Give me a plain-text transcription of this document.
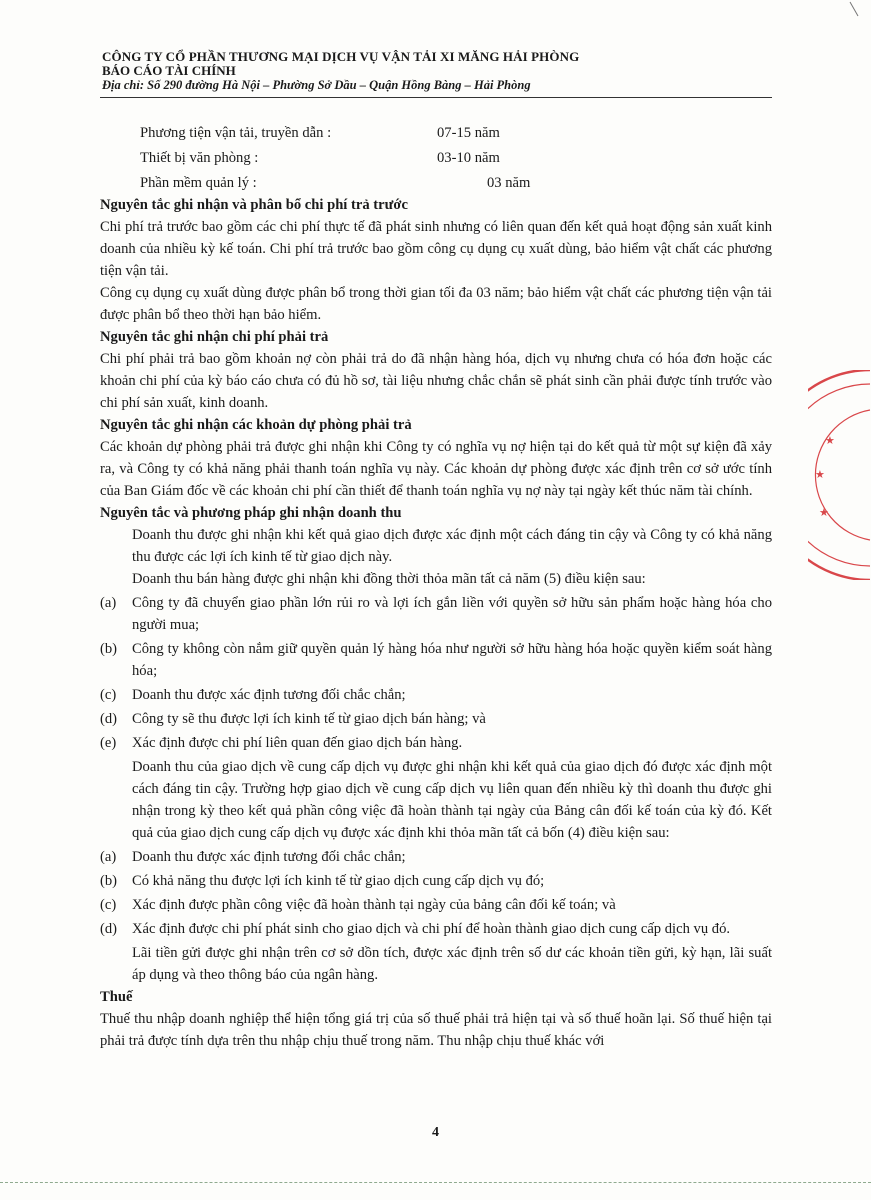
CÔNG TY CỔ PHẦN THƯƠNG MẠI DỊCH VỤ VẬN TẢI XI MĂNG HẢI PHÒNG
BÁO CÁO TÀI CHÍNH
Địa chỉ: Số 290 đường Hà Nội – Phường Sở Dầu – Quận Hồng Bàng – Hải Phòng
Phương tiện vận tải, truyền dẫn :	07-15 năm
Thiết bị văn phòng :	03-10 năm
Phần mềm quản lý :	03 năm
Nguyên tắc ghi nhận và phân bổ chi phí trả trước

Chi phí trả trước bao gồm các chi phí thực tế đã phát sinh nhưng có liên quan đến kết quả hoạt động sản xuất kinh doanh của nhiều kỳ kế toán. Chi phí trả trước bao gồm công cụ dụng cụ xuất dùng, bảo hiểm vật chất các phương tiện vận tải.

Công cụ dụng cụ xuất dùng được phân bổ trong thời gian tối đa 03 năm; bảo hiểm vật chất các phương tiện vận tải được phân bổ theo thời hạn bảo hiểm.

Nguyên tắc ghi nhận chi phí phải trả

Chi phí phải trả bao gồm khoản nợ còn phải trả do đã nhận hàng hóa, dịch vụ nhưng chưa có hóa đơn hoặc các khoản chi phí của kỳ báo cáo chưa có đủ hồ sơ, tài liệu nhưng chắc chắn sẽ phát sinh cần phải được tính trước vào chi phí sản xuất, kinh doanh.

Nguyên tắc ghi nhận các khoản dự phòng phải trả

Các khoản dự phòng phải trả được ghi nhận khi Công ty có nghĩa vụ nợ hiện tại do kết quả từ một sự kiện đã xảy ra, và Công ty có khả năng phải thanh toán nghĩa vụ này. Các khoản dự phòng được xác định trên cơ sở ước tính của Ban Giám đốc về các khoản chi phí cần thiết để thanh toán nghĩa vụ nợ này tại ngày kết thúc năm tài chính.

Nguyên tắc và phương pháp ghi nhận doanh thu

Doanh thu được ghi nhận khi kết quả giao dịch được xác định một cách đáng tin cậy và Công ty có khả năng thu được các lợi ích kinh tế từ giao dịch này.

Doanh thu bán hàng được ghi nhận khi đồng thời thỏa mãn tất cả năm (5) điều kiện sau:

(a)	Công ty đã chuyển giao phần lớn rủi ro và lợi ích gắn liền với quyền sở hữu sản phẩm hoặc hàng hóa cho người mua;
(b)	Công ty không còn nắm giữ quyền quản lý hàng hóa như người sở hữu hàng hóa hoặc quyền kiểm soát hàng hóa;
(c)	Doanh thu được xác định tương đối chắc chắn;
(d)	Công ty sẽ thu được lợi ích kinh tế từ giao dịch bán hàng; và
(e)	Xác định được chi phí liên quan đến giao dịch bán hàng.

Doanh thu của giao dịch về cung cấp dịch vụ được ghi nhận khi kết quả của giao dịch đó được xác định một cách đáng tin cậy. Trường hợp giao dịch về cung cấp dịch vụ liên quan đến nhiều kỳ thì doanh thu được ghi nhận trong kỳ theo kết quả phần công việc đã hoàn thành tại ngày của Bảng cân đối kế toán của kỳ đó. Kết quả của giao dịch cung cấp dịch vụ được xác định khi thỏa mãn tất cả bốn (4) điều kiện sau:

(a)	Doanh thu được xác định tương đối chắc chắn;
(b)	Có khả năng thu được lợi ích kinh tế từ giao dịch cung cấp dịch vụ đó;
(c)	Xác định được phần công việc đã hoàn thành tại ngày của bảng cân đối kế toán; và
(d)	Xác định được chi phí phát sinh cho giao dịch và chi phí để hoàn thành giao dịch cung cấp dịch vụ đó.

Lãi tiền gửi được ghi nhận trên cơ sở dồn tích, được xác định trên số dư các khoản tiền gửi, kỳ hạn, lãi suất áp dụng và theo thông báo của ngân hàng.

Thuế

Thuế thu nhập doanh nghiệp thể hiện tổng giá trị của số thuế phải trả hiện tại và số thuế hoãn lại. Số thuế hiện tại phải trả được tính dựa trên thu nhập chịu thuế trong năm. Thu nhập chịu thuế khác với

4
★
★
★
